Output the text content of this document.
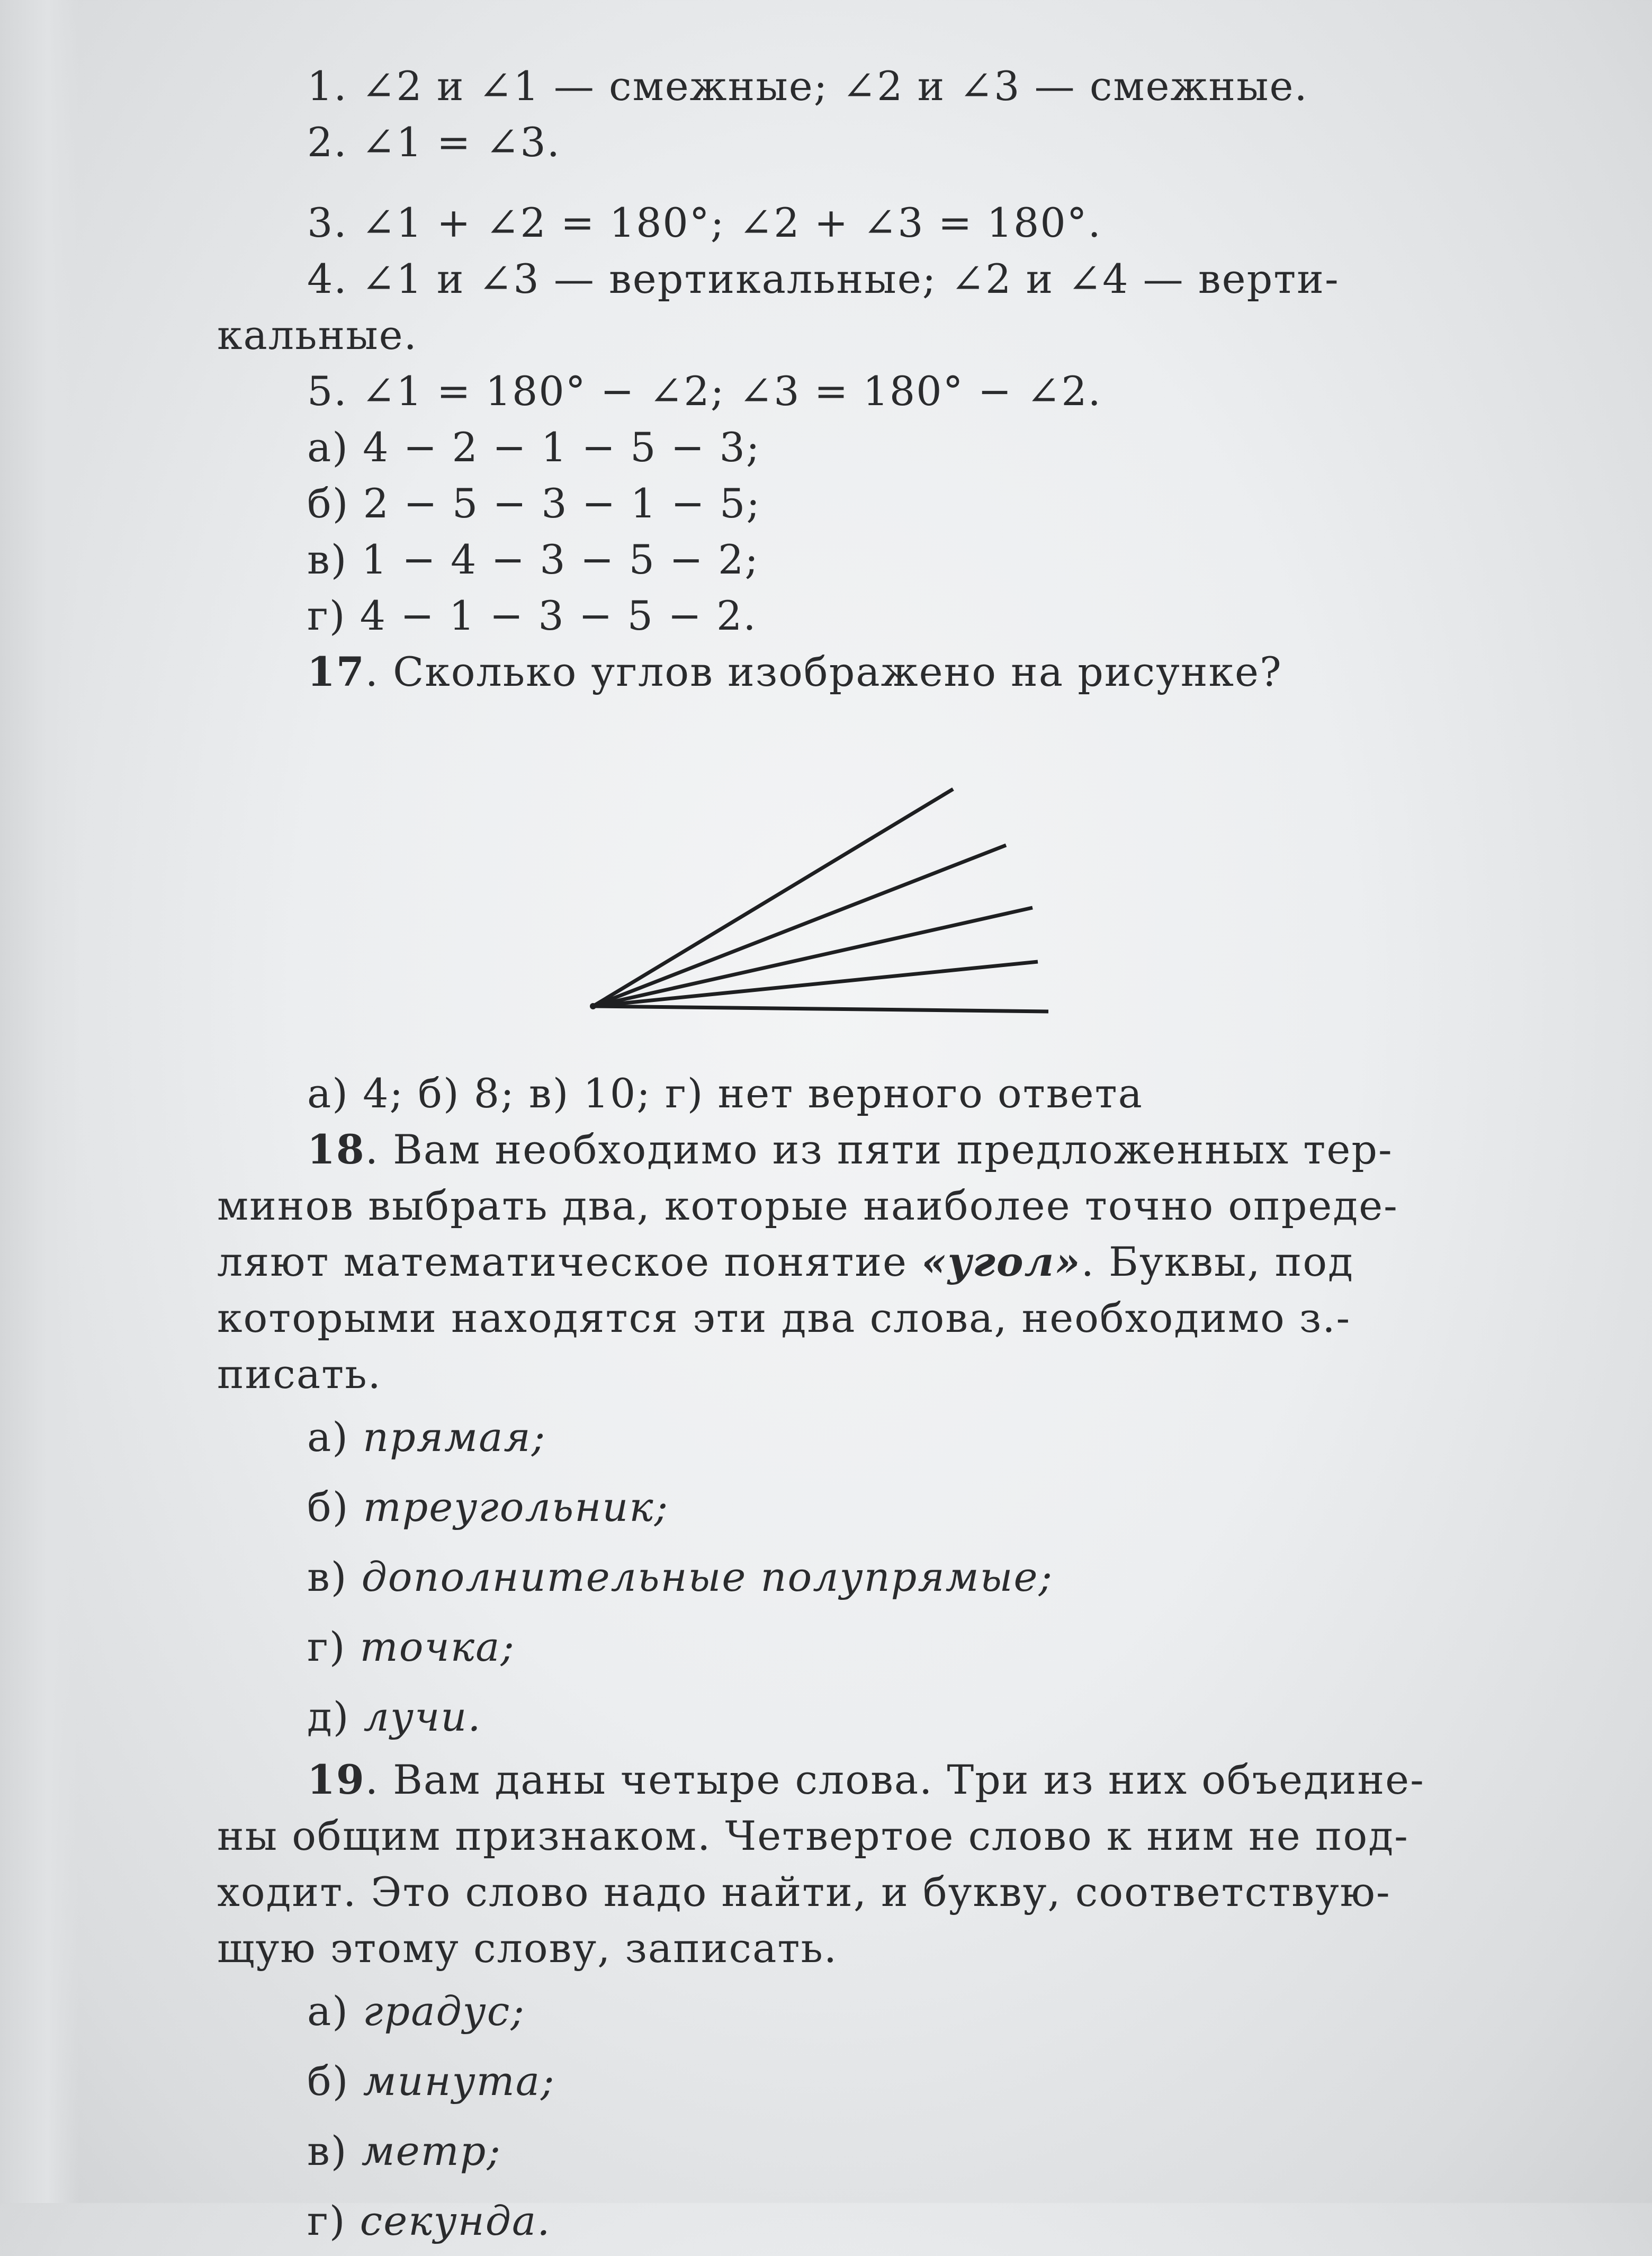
1. ∠2 и ∠1 — смежные; ∠2 и ∠3 — смежные.
2. ∠1 = ∠3.
3. ∠1 + ∠2 = 180°; ∠2 + ∠3 = 180°.
4. ∠1 и ∠3 — вертикальные; ∠2 и ∠4 — верти-
кальные.
5. ∠1 = 180° − ∠2; ∠3 = 180° − ∠2.
а) 4 − 2 − 1 − 5 − 3;
б) 2 − 5 − 3 − 1 − 5;
в) 1 − 4 − 3 − 5 − 2;
г) 4 − 1 − 3 − 5 − 2.
17. Сколько углов изображено на рисунке?
а) 4; б) 8; в) 10; г) нет верного ответа
18. Вам необходимо из пяти предложенных тер-
минов выбрать два, которые наиболее точно опреде-
ляют математическое понятие «угол». Буквы, под
которыми находятся эти два слова, необходимо з.-
писать.
а) прямая;
б) треугольник;
в) дополнительные полупрямые;
г) точка;
д) лучи.
19. Вам даны четыре слова. Три из них объедине-
ны общим признаком. Четвертое слово к ним не под-
ходит. Это слово надо найти, и букву, соответствую-
щую этому слову, записать.
а) градус;
б) минута;
в) метр;
г) секунда.
